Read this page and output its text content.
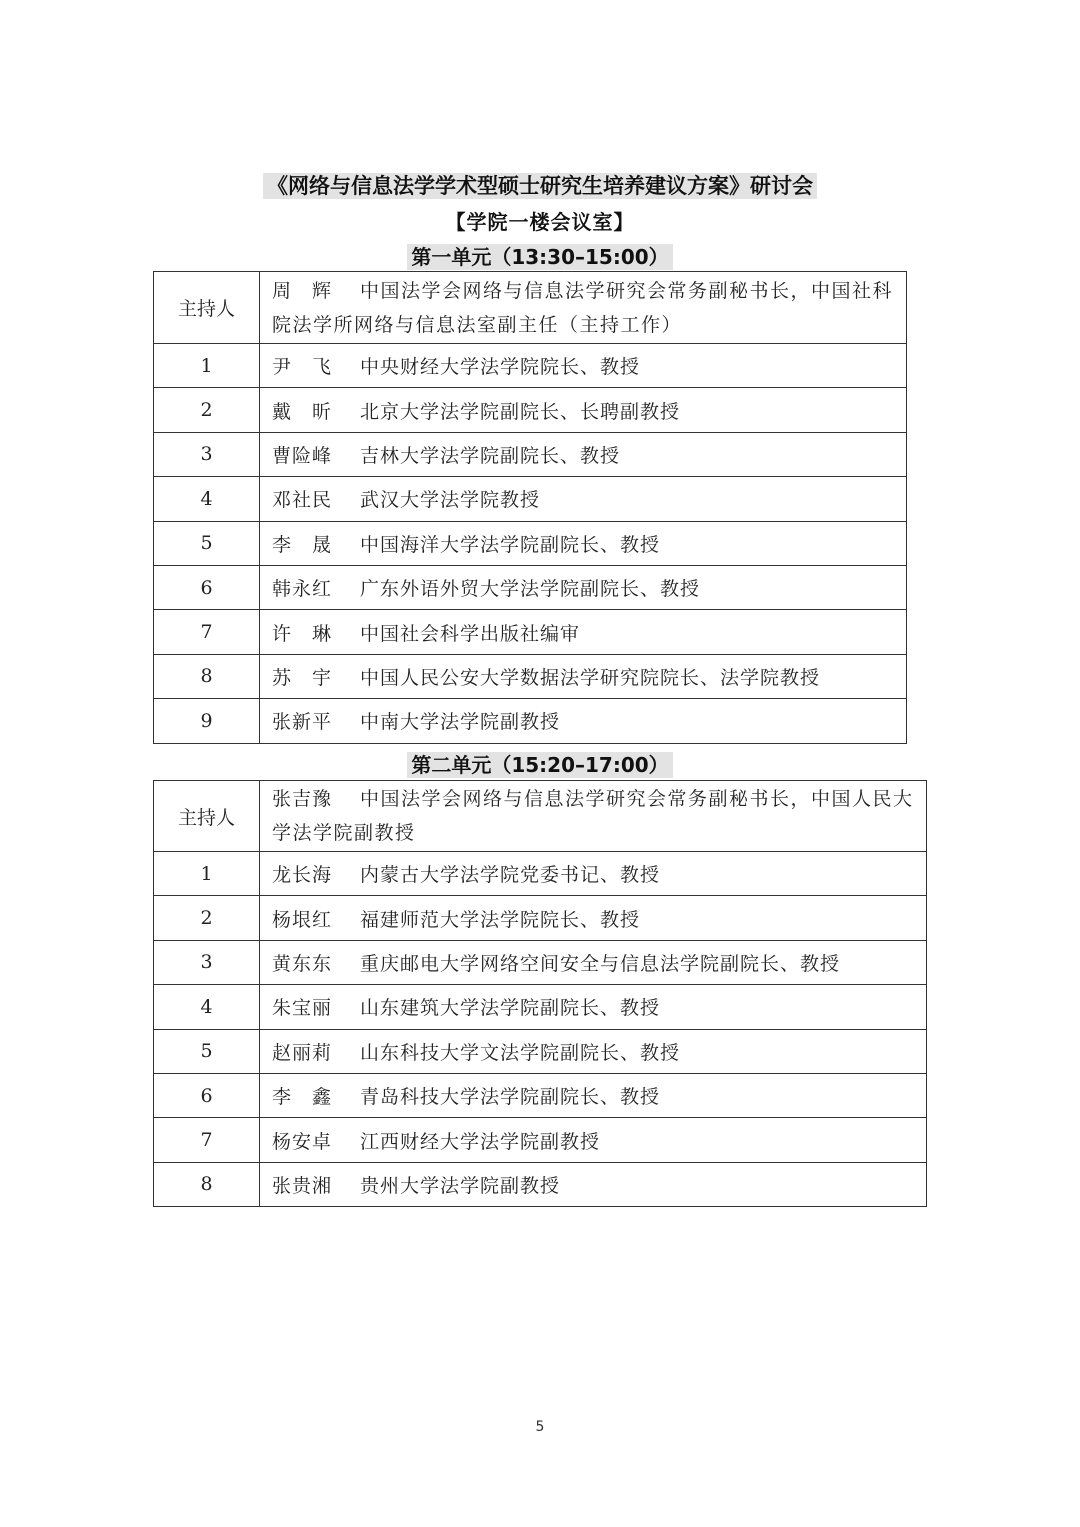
《网络与信息法学学术型硕士研究生培养建议方案》研讨会
【学院一楼会议室】
第一单元（13:30–15:00）
主持人	周　辉 中国法学会网络与信息法学研究会常务副秘书长，中国社科院法学所网络与信息法室副主任（主持工作）

1	尹　飞 中央财经大学法学院院长、教授
2	戴　昕 北京大学法学院副院长、长聘副教授
3	曹险峰 吉林大学法学院副院长、教授
4	邓社民 武汉大学法学院教授
5	李　晟 中国海洋大学法学院副院长、教授
6	韩永红 广东外语外贸大学法学院副院长、教授
7	许　琳 中国社会科学出版社编审
8	苏　宇 中国人民公安大学数据法学研究院院长、法学院教授
9	张新平 中南大学法学院副教授
第二单元（15:20–17:00）
主持人	张吉豫 中国法学会网络与信息法学研究会常务副秘书长，中国人民大学法学院副教授

1	龙长海 内蒙古大学法学院党委书记、教授
2	杨垠红 福建师范大学法学院院长、教授
3	黄东东 重庆邮电大学网络空间安全与信息法学院副院长、教授
4	朱宝丽 山东建筑大学法学院副院长、教授
5	赵丽莉 山东科技大学文法学院副院长、教授
6	李　鑫 青岛科技大学法学院副院长、教授
7	杨安卓 江西财经大学法学院副教授
8	张贵湘 贵州大学法学院副教授
5
